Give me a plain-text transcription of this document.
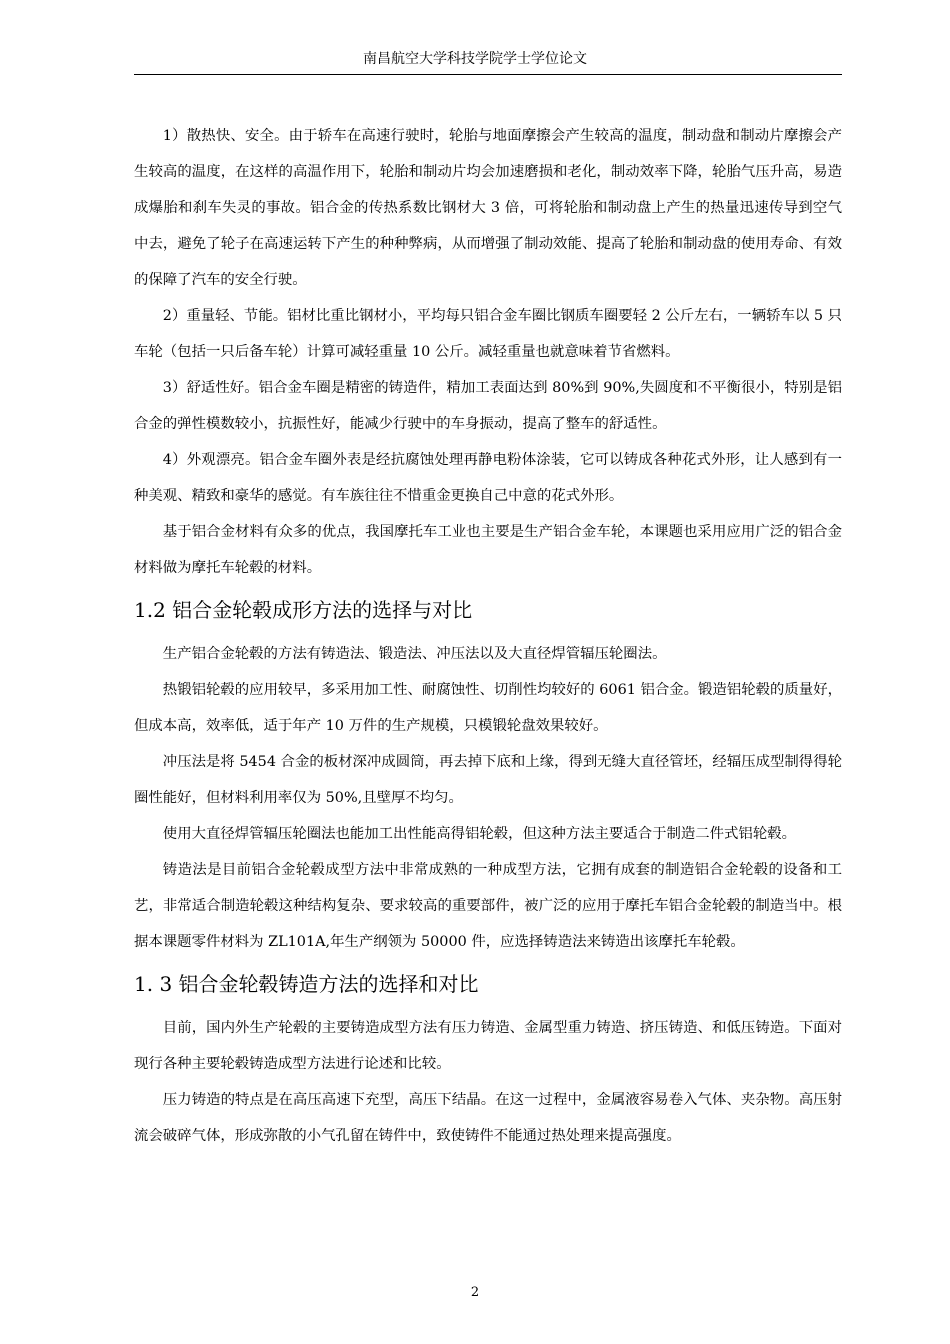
南昌航空大学科技学院学士学位论文

1）散热快、安全。由于轿车在高速行驶时，轮胎与地面摩擦会产生较高的温度，制动盘和制动片摩擦会产生较高的温度，在这样的高温作用下，轮胎和制动片均会加速磨损和老化，制动效率下降，轮胎气压升高，易造成爆胎和刹车失灵的事故。铝合金的传热系数比钢材大 3 倍，可将轮胎和制动盘上产生的热量迅速传导到空气中去，避免了轮子在高速运转下产生的种种弊病，从而增强了制动效能、提高了轮胎和制动盘的使用寿命、有效的保障了汽车的安全行驶。

2）重量轻、节能。铝材比重比钢材小，平均每只铝合金车圈比钢质车圈要轻 2 公斤左右，一辆轿车以 5 只车轮（包括一只后备车轮）计算可减轻重量 10 公斤。减轻重量也就意味着节省燃料。

3）舒适性好。铝合金车圈是精密的铸造件，精加工表面达到 80%到 90%,失圆度和不平衡很小，特别是铝合金的弹性模数较小，抗振性好，能减少行驶中的车身振动，提高了整车的舒适性。

4）外观漂亮。铝合金车圈外表是经抗腐蚀处理再静电粉体涂装，它可以铸成各种花式外形，让人感到有一种美观、精致和豪华的感觉。有车族往往不惜重金更换自己中意的花式外形。

基于铝合金材料有众多的优点，我国摩托车工业也主要是生产铝合金车轮，本课题也采用应用广泛的铝合金材料做为摩托车轮毂的材料。

1.2 铝合金轮毂成形方法的选择与对比

生产铝合金轮毂的方法有铸造法、锻造法、冲压法以及大直径焊管辐压轮圈法。

热锻铝轮毂的应用较早，多采用加工性、耐腐蚀性、切削性均较好的 6061 铝合金。锻造铝轮毂的质量好，但成本高，效率低，适于年产 10 万件的生产规模，只模锻轮盘效果较好。

冲压法是将 5454 合金的板材深冲成圆筒，再去掉下底和上缘，得到无缝大直径管坯，经辐压成型制得得轮圈性能好，但材料利用率仅为 50%,且壁厚不均匀。

使用大直径焊管辐压轮圈法也能加工出性能高得铝轮毂，但这种方法主要适合于制造二件式铝轮毂。

铸造法是目前铝合金轮毂成型方法中非常成熟的一种成型方法，它拥有成套的制造铝合金轮毂的设备和工艺，非常适合制造轮毂这种结构复杂、要求较高的重要部件，被广泛的应用于摩托车铝合金轮毂的制造当中。根据本课题零件材料为 ZL101A,年生产纲领为 50000 件，应选择铸造法来铸造出该摩托车轮毂。

1. 3 铝合金轮毂铸造方法的选择和对比

目前，国内外生产轮毂的主要铸造成型方法有压力铸造、金属型重力铸造、挤压铸造、和低压铸造。下面对现行各种主要轮毂铸造成型方法进行论述和比较。

压力铸造的特点是在高压高速下充型，高压下结晶。在这一过程中，金属液容易卷入气体、夹杂物。高压射流会破碎气体，形成弥散的小气孔留在铸件中，致使铸件不能通过热处理来提高强度。

2
